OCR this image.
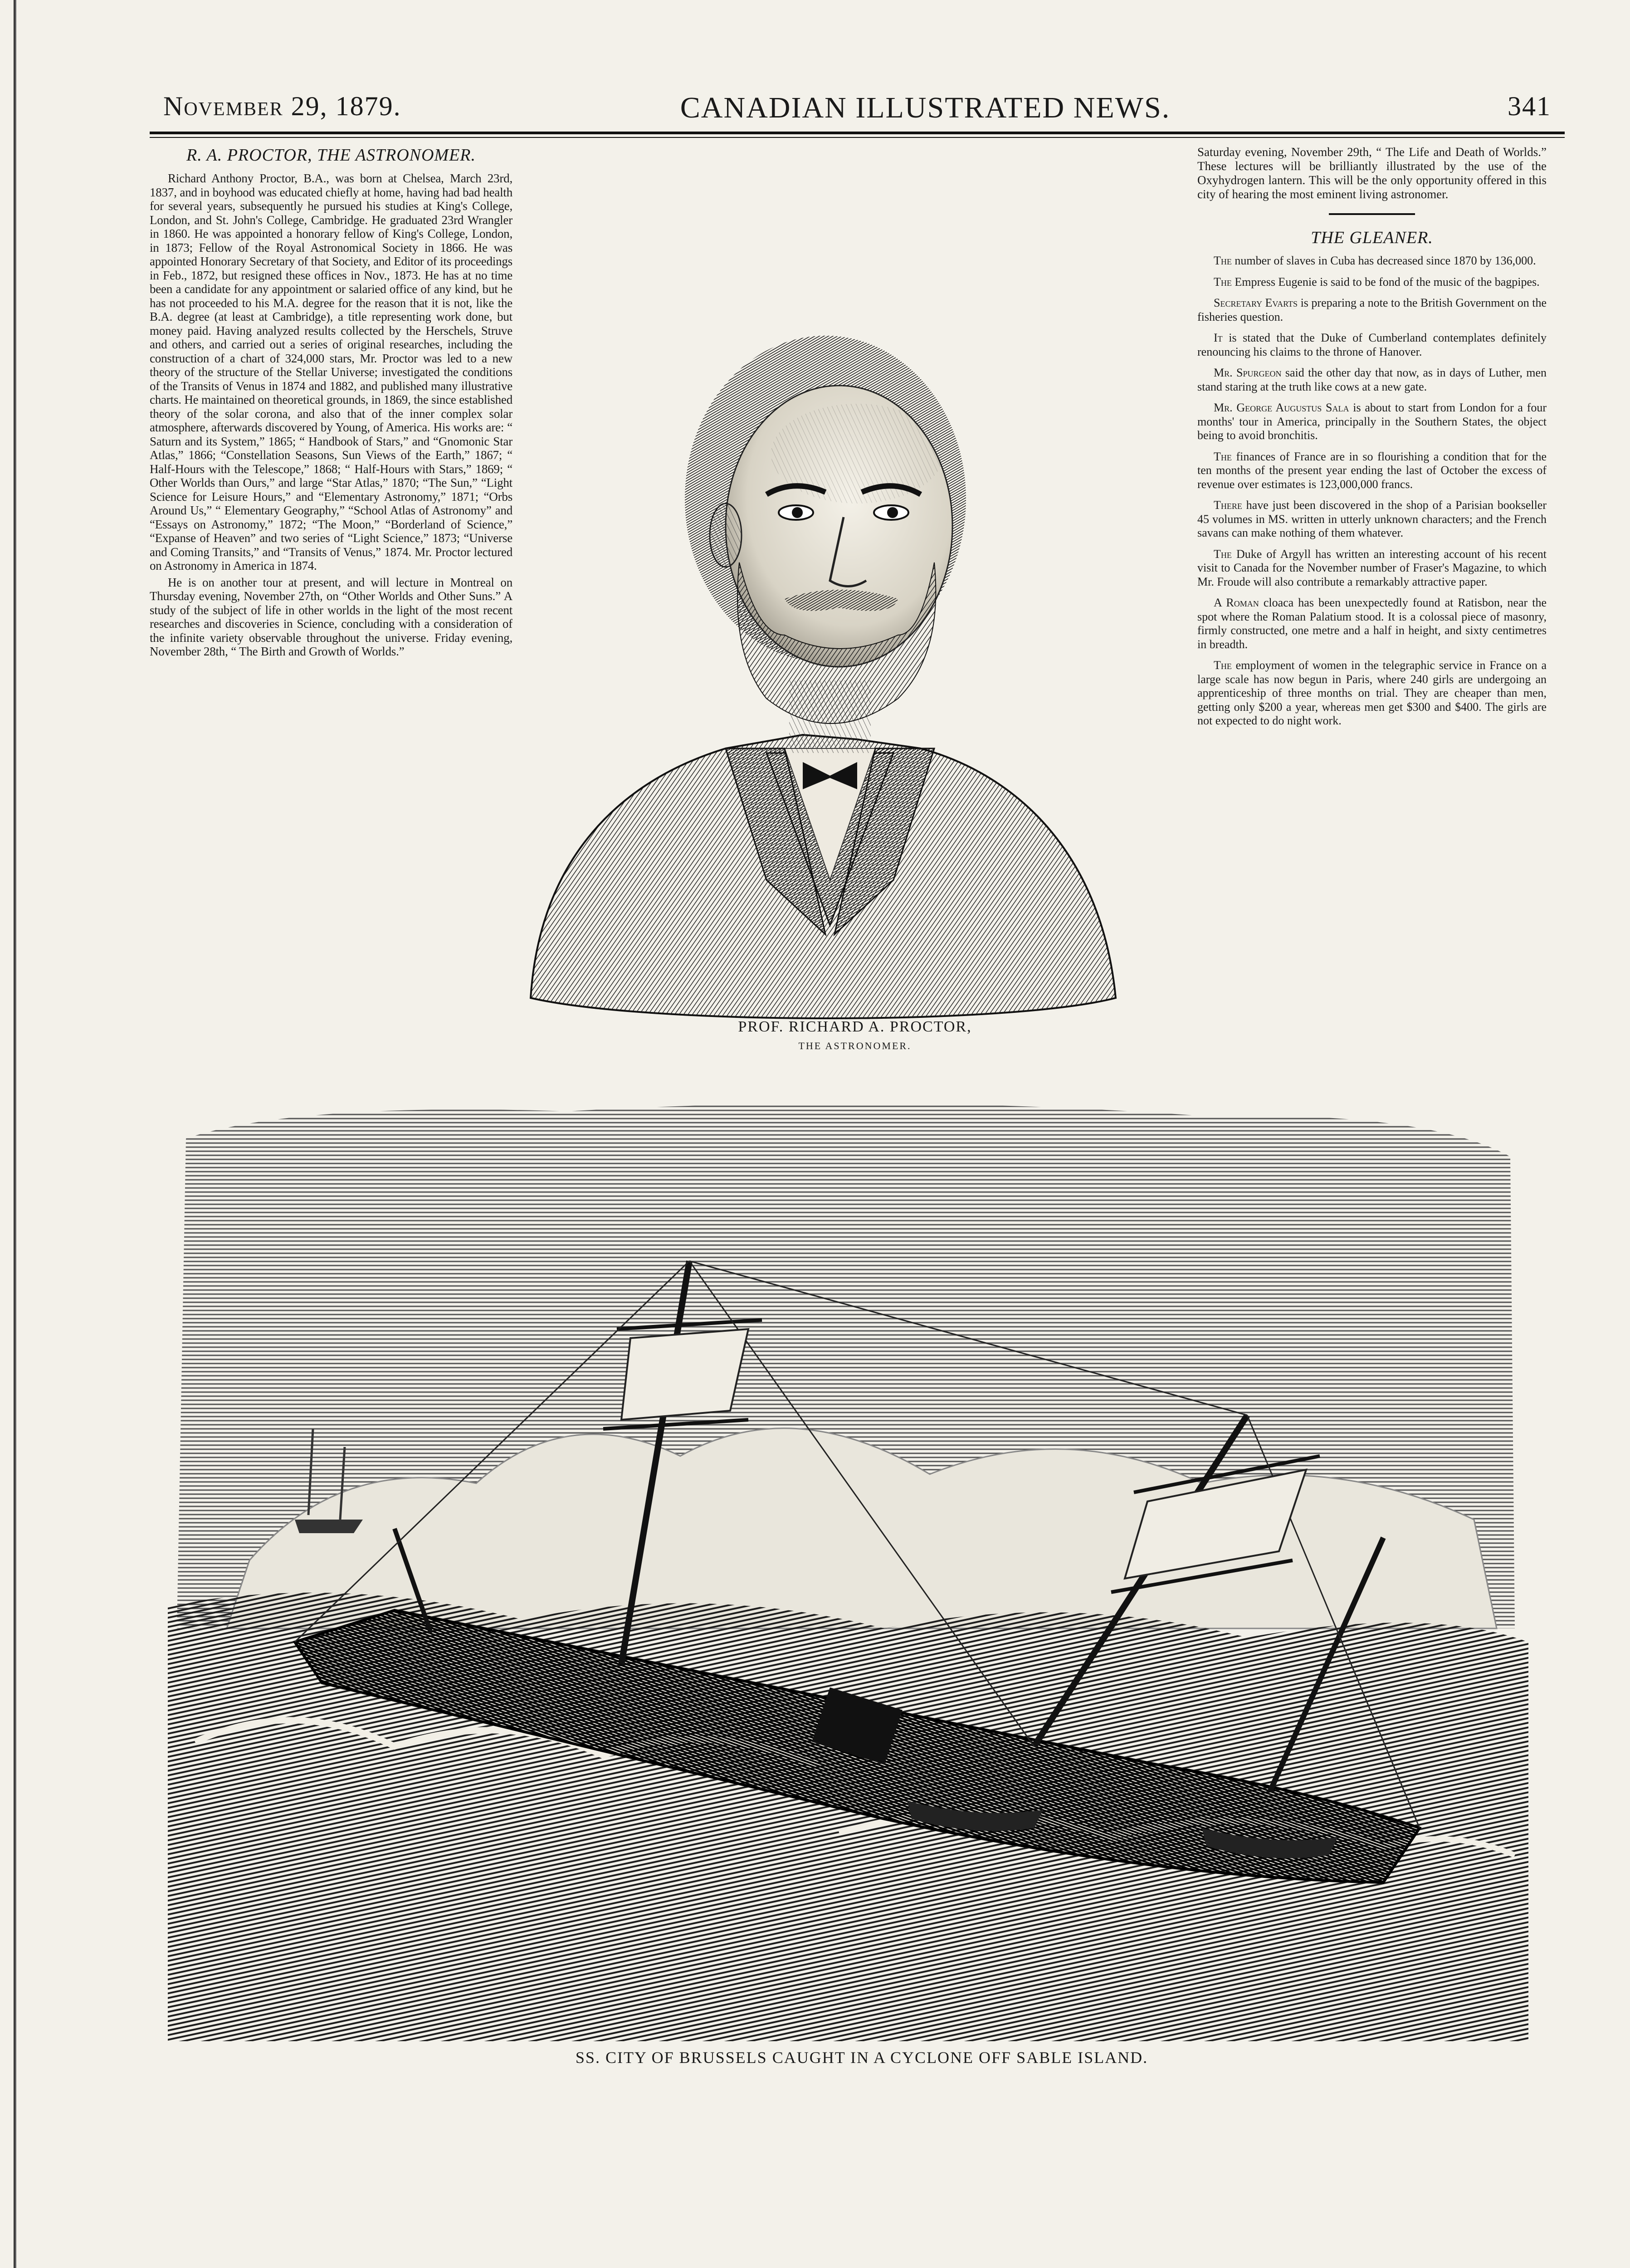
November 29, 1879.	CANADIAN ILLUSTRATED NEWS.	341
R. A. PROCTOR, THE ASTRONOMER.

Richard Anthony Proctor, B.A., was born at Chelsea, March 23rd, 1837, and in boyhood was educated chiefly at home, having had bad health for several years, subsequently he pursued his studies at King's College, London, and St. John's College, Cambridge. He graduated 23rd Wrangler in 1860. He was appointed a honorary fellow of King's College, London, in 1873; Fellow of the Royal Astronomical Society in 1866. He was appointed Honorary Secretary of that Society, and Editor of its proceedings in Feb., 1872, but resigned these offices in Nov., 1873. He has at no time been a candidate for any appointment or salaried office of any kind, but he has not proceeded to his M.A. degree for the reason that it is not, like the B.A. degree (at least at Cambridge), a title representing work done, but money paid. Having analyzed results collected by the Herschels, Struve and others, and carried out a series of original researches, including the construction of a chart of 324,000 stars, Mr. Proctor was led to a new theory of the structure of the Stellar Universe; investigated the conditions of the Transits of Venus in 1874 and 1882, and published many illustrative charts. He maintained on theoretical grounds, in 1869, the since established theory of the solar corona, and also that of the inner complex solar atmosphere, afterwards discovered by Young, of America. His works are: “ Saturn and its System,” 1865; “ Handbook of Stars,” and “Gnomonic Star Atlas,” 1866; “Constellation Seasons, Sun Views of the Earth,” 1867; “ Half-Hours with the Telescope,” 1868; “ Half-Hours with Stars,” 1869; “ Other Worlds than Ours,” and large “Star Atlas,” 1870; “The Sun,” “Light Science for Leisure Hours,” and “Elementary Astronomy,” 1871; “Orbs Around Us,” “ Elementary Geography,” “School Atlas of Astronomy” and “Essays on Astronomy,” 1872; “The Moon,” “Borderland of Science,” “Expanse of Heaven” and two series of “Light Science,” 1873; “Universe and Coming Transits,” and “Transits of Venus,” 1874. Mr. Proctor lectured on Astronomy in America in 1874.

He is on another tour at present, and will lecture in Montreal on Thursday evening, November 27th, on “Other Worlds and Other Suns.” A study of the subject of life in other worlds in the light of the most recent researches and discoveries in Science, concluding with a consideration of the infinite variety observable throughout the universe. Friday evening, November 28th, “ The Birth and Growth of Worlds.”

PROF. RICHARD A. PROCTOR,
THE ASTRONOMER.

Saturday evening, November 29th, “ The Life and Death of Worlds.” These lectures will be brilliantly illustrated by the use of the Oxyhydrogen lantern. This will be the only opportunity offered in this city of hearing the most eminent living astronomer.

THE GLEANER.

The number of slaves in Cuba has decreased since 1870 by 136,000.

The Empress Eugenie is said to be fond of the music of the bagpipes.

Secretary Evarts is preparing a note to the British Government on the fisheries question.

It is stated that the Duke of Cumberland contemplates definitely renouncing his claims to the throne of Hanover.

Mr. Spurgeon said the other day that now, as in days of Luther, men stand staring at the truth like cows at a new gate.

Mr. George Augustus Sala is about to start from London for a four months' tour in America, principally in the Southern States, the object being to avoid bronchitis.

The finances of France are in so flourishing a condition that for the ten months of the present year ending the last of October the excess of revenue over estimates is 123,000,000 francs.

There have just been discovered in the shop of a Parisian bookseller 45 volumes in MS. written in utterly unknown characters; and the French savans can make nothing of them whatever.

The Duke of Argyll has written an interesting account of his recent visit to Canada for the November number of Fraser's Magazine, to which Mr. Froude will also contribute a remarkably attractive paper.

A Roman cloaca has been unexpectedly found at Ratisbon, near the spot where the Roman Palatium stood. It is a colossal piece of masonry, firmly constructed, one metre and a half in height, and sixty centimetres in breadth.

The employment of women in the telegraphic service in France on a large scale has now begun in Paris, where 240 girls are undergoing an apprenticeship of three months on trial. They are cheaper than men, getting only $200 a year, whereas men get $300 and $400. The girls are not expected to do night work.

SS. CITY OF BRUSSELS CAUGHT IN A CYCLONE OFF SABLE ISLAND.
